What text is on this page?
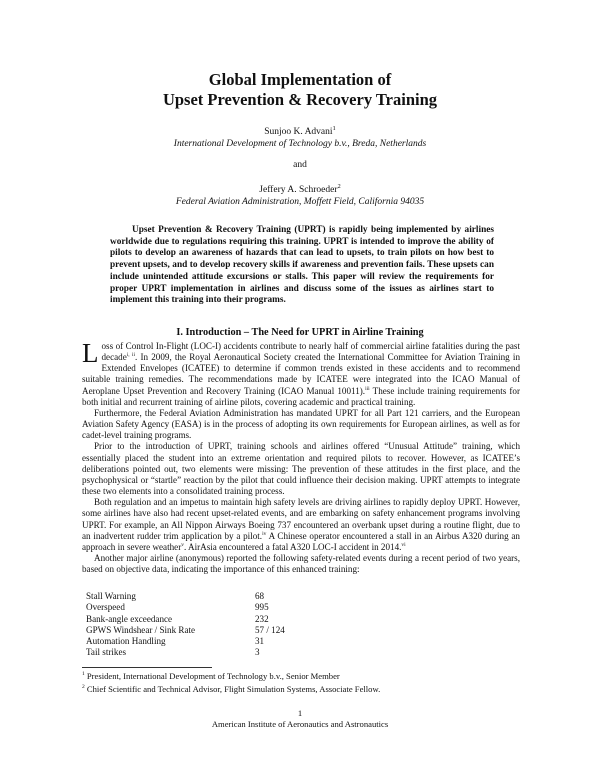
Global Implementation of
Upset Prevention & Recovery Training
Sunjoo K. Advani$^1$
International Development of Technology b.v., Breda, Netherlands
and
Jeffery A. Schroeder$^2$
Federal Aviation Administration, Moffett Field, California 94035

Upset Prevention & Recovery Training (UPRT) is rapidly being implemented by airlines worldwide due to regulations requiring this training. UPRT is intended to improve the ability of pilots to develop an awareness of hazards that can lead to upsets, to train pilots on how best to prevent upsets, and to develop recovery skills if awareness and prevention fails. These upsets can include unintended attitude excursions or stalls. This paper will review the requirements for proper UPRT implementation in airlines and discuss some of the issues as airlines start to implement this training into their programs.

I. Introduction – The Need for UPRT in Airline Training

Loss of Control In-Flight (LOC-I) accidents contribute to nearly half of commercial airline fatalities during the past decade$^{i, ii}$. In 2009, the Royal Aeronautical Society created the International Committee for Aviation Training in Extended Envelopes (ICATEE) to determine if common trends existed in these accidents and to recommend suitable training remedies. The recommendations made by ICATEE were integrated into the ICAO Manual of Aeroplane Upset Prevention and Recovery Training (ICAO Manual 10011).$^{iii}$ These include training requirements for both initial and recurrent training of airline pilots, covering academic and practical training.

Furthermore, the Federal Aviation Administration has mandated UPRT for all Part 121 carriers, and the European Aviation Safety Agency (EASA) is in the process of adopting its own requirements for European airlines, as well as for cadet-level training programs.

Prior to the introduction of UPRT, training schools and airlines offered “Unusual Attitude” training, which essentially placed the student into an extreme orientation and required pilots to recover. However, as ICATEE’s deliberations pointed out, two elements were missing: The prevention of these attitudes in the first place, and the psychophysical or “startle” reaction by the pilot that could influence their decision making. UPRT attempts to integrate these two elements into a consolidated training process.

Both regulation and an impetus to maintain high safety levels are driving airlines to rapidly deploy UPRT. However, some airlines have also had recent upset-related events, and are embarking on safety enhancement programs involving UPRT. For example, an All Nippon Airways Boeing 737 encountered an overbank upset during a routine flight, due to an inadvertent rudder trim application by a pilot.$^{iv}$ A Chinese operator encountered a stall in an Airbus A320 during an approach in severe weather$^v$. AirAsia encountered a fatal A320 LOC-I accident in 2014.$^{vi}$

Another major airline (anonymous) reported the following safety-related events during a recent period of two years, based on objective data, indicating the importance of this enhanced training:

Stall Warning	68
Overspeed	995
Bank-angle exceedance	232
GPWS Windshear / Sink Rate	57 / 124
Automation Handling	31
Tail strikes	3
$^1$ President, International Development of Technology b.v., Senior Member
$^2$ Chief Scientific and Technical Advisor, Flight Simulation Systems, Associate Fellow.
1
American Institute of Aeronautics and Astronautics
